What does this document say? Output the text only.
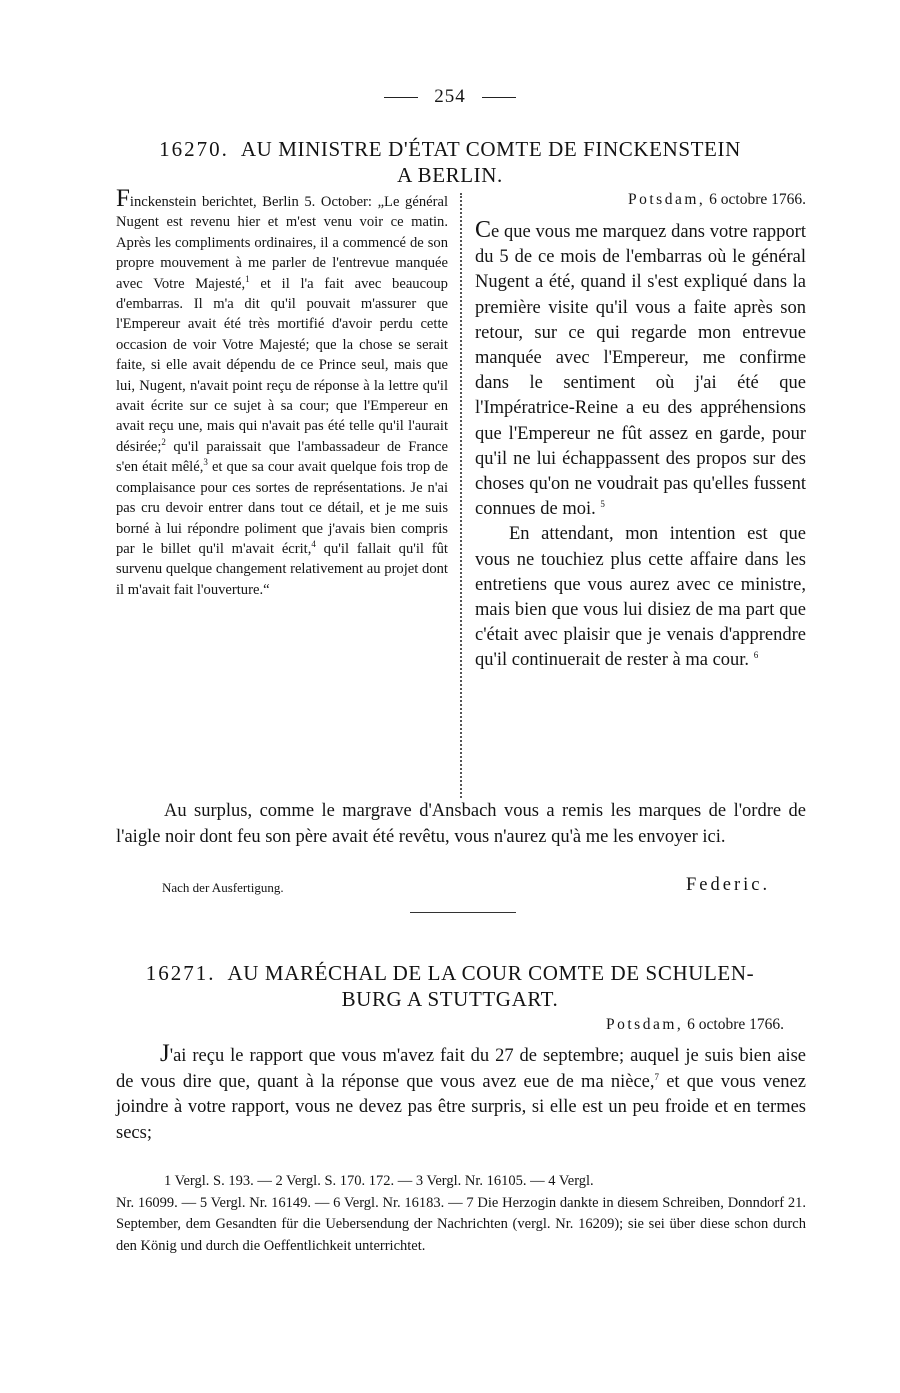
254
16270. AU MINISTRE D'ÉTAT COMTE DE FINCKENSTEIN
A BERLIN.
Finckenstein berichtet, Berlin 5. October: „Le général Nugent est revenu hier et m'est venu voir ce matin. Après les compliments ordinaires, il a commencé de son propre mouvement à me parler de l'entrevue manquée avec Votre Majesté,$^1$ et il l'a fait avec beaucoup d'embarras. Il m'a dit qu'il pouvait m'assurer que l'Empereur avait été très mortifié d'avoir perdu cette occasion de voir Votre Majesté; que la chose se serait faite, si elle avait dépendu de ce Prince seul, mais que lui, Nugent, n'avait point reçu de réponse à la lettre qu'il avait écrite sur ce sujet à sa cour; que l'Empereur en avait reçu une, mais qui n'avait pas été telle qu'il l'aurait désirée;$^2$ qu'il paraissait que l'ambassadeur de France s'en était mêlé,$^3$ et que sa cour avait quelque fois trop de complaisance pour ces sortes de représentations. Je n'ai pas cru devoir entrer dans tout ce détail, et je me suis borné à lui répondre poliment que j'avais bien compris par le billet qu'il m'avait écrit,$^4$ qu'il fallait qu'il fût survenu quelque changement relativement au projet dont il m'avait fait l'ouverture.“
Potsdam, 6 octobre 1766.

Ce que vous me marquez dans votre rapport du 5 de ce mois de l'embarras où le général Nugent a été, quand il s'est expliqué dans la première visite qu'il vous a faite après son retour, sur ce qui regarde mon entrevue manquée avec l'Empereur, me confirme dans le sentiment où j'ai été que l'Impératrice-Reine a eu des appréhensions que l'Empereur ne fût assez en garde, pour qu'il ne lui échappassent des propos sur des choses qu'on ne voudrait pas qu'elles fussent connues de moi. $^5$

En attendant, mon intention est que vous ne touchiez plus cette affaire dans les entretiens que vous aurez avec ce ministre, mais bien que vous lui disiez de ma part que c'était avec plaisir que je venais d'apprendre qu'il continuerait de rester à ma cour. $^6$

Au surplus, comme le margrave d'Ansbach vous a remis les marques de l'ordre de l'aigle noir dont feu son père avait été revêtu, vous n'aurez qu'à me les envoyer ici.

Nach der Ausfertigung.	Federic.
16271. AU MARÉCHAL DE LA COUR COMTE DE SCHULEN-
BURG A STUTTGART.
Potsdam, 6 octobre 1766.

J'ai reçu le rapport que vous m'avez fait du 27 de septembre; auquel je suis bien aise de vous dire que, quant à la réponse que vous avez eue de ma nièce,$^7$ et que vous venez joindre à votre rapport, vous ne devez pas être surpris, si elle est un peu froide et en termes secs;

1 Vergl. S. 193. — 2 Vergl. S. 170. 172. — 3 Vergl. Nr. 16105. — 4 Vergl.
Nr. 16099. — 5 Vergl. Nr. 16149. — 6 Vergl. Nr. 16183. — 7 Die Herzogin dankte in diesem Schreiben, Donndorf 21. September, dem Gesandten für die Uebersendung der Nachrichten (vergl. Nr. 16209); sie sei über diese schon durch den König und durch die Oeffentlichkeit unterrichtet.
